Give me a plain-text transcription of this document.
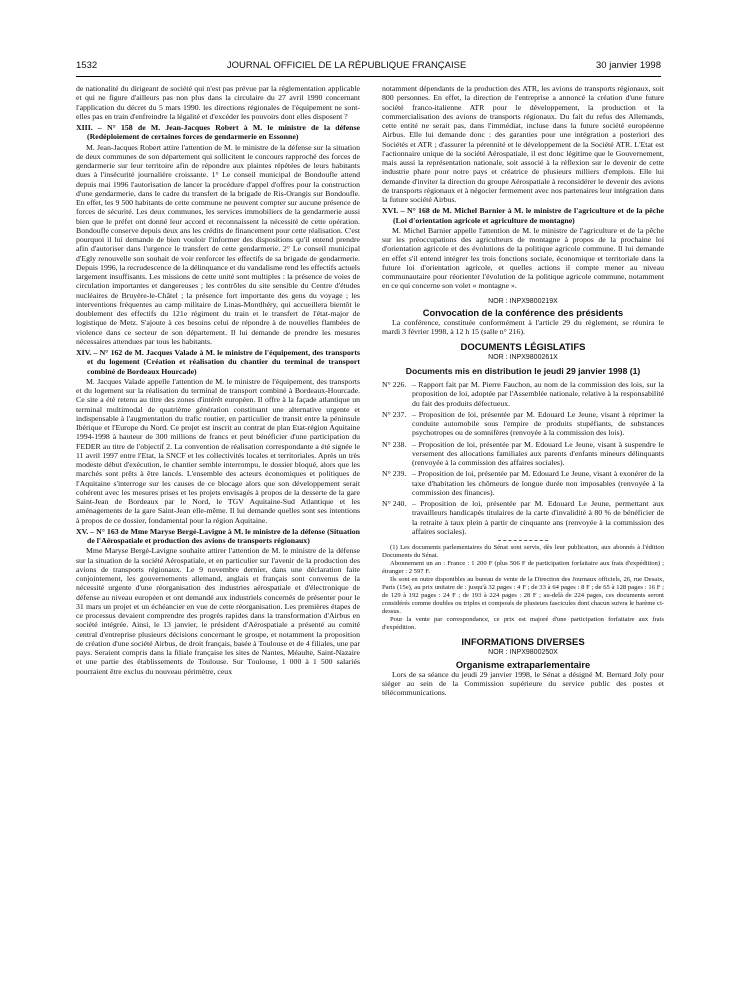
1532	JOURNAL OFFICIEL DE LA RÉPUBLIQUE FRANÇAISE	30 janvier 1998

de nationalité du dirigeant de société qui n'est pas prévue par la réglementation applicable et qui ne figure d'ailleurs pas non plus dans la circulaire du 27 avril 1990 concernant l'application du décret du 5 mars 1990. les directions régionales de l'équipement ne sont-elles pas en train d'enfreindre la légalité et d'excéder les pouvoirs dont elles disposent ?

XIII. – N° 158 de M. Jean-Jacques Robert à M. le ministre de la défense (Redéploiement de certaines forces de gendarmerie en Essonne)

M. Jean-Jacques Robert attire l'attention de M. le ministre de la défense sur la situation de deux communes de son département qui sollicitent le concours rapproché des forces de gendarmerie sur leur territoire afin de répondre aux plaintes répétées de leurs habitants dues à l'insécurité journalière croissante. 1° Le conseil municipal de Bondoufle attend depuis mai 1996 l'autorisation de lancer la procédure d'appel d'offres pour la construction d'une gendarmerie, dans le cadre du transfert de la brigade de Ris-Orangis sur Bondoufle. En effet, les 9 500 habitants de cette commune ne peuvent compter sur aucune présence de forces de sécurité. Les deux communes, les services immobiliers de la gendarmerie aussi bien que le préfet ont donné leur accord et reconnaissent la nécessité de cette opération. Bondoufle conserve depuis deux ans les crédits de financement pour cette réalisation. C'est pourquoi il lui demande de bien vouloir l'informer des dispositions qu'il entend prendre afin d'autoriser dans l'urgence le transfert de cette gendarmerie. 2° Le conseil municipal d'Egly renouvelle son souhait de voir renforcer les effectifs de sa brigade de gendarmerie. Depuis 1996, la recrudescence de la délinquance et du vandalisme rend les effectifs actuels largement insuffisants. Les missions de cette unité sont multiples : la présence de voies de circulation importantes et dangereuses ; les contrôles du site sensible du Centre d'études nucléaires de Bruyère-le-Châtel ; la présence fort importante des gens du voyage ; les interventions fréquentes au camp militaire de Linas-Montlhéry, qui accueillera bientôt le doublement des effectifs du 121e régiment du train et le transfert de l'état-major de logistique de Metz. S'ajoute à ces besoins celui de répondre à de nouvelles flambées de violence dans ce secteur de son département. Il lui demande de prendre les mesures nécessaires attendues par tous les habitants.

XIV. – N° 162 de M. Jacques Valade à M. le ministre de l'équipement, des transports et du logement (Création et réalisation du chantier du terminal de transport combiné de Bordeaux Hourcade)

M. Jacques Valade appelle l'attention de M. le ministre de l'équipement, des transports et du logement sur la réalisation du terminal de transport combiné à Bordeaux-Hourcade. Ce site a été retenu au titre des zones d'intérêt européen. Il offre à la façade atlantique un terminal multimodal de quatrième génération constituant une alternative urgente et indispensable à l'augmentation du trafic routier, en particulier de transit entre la péninsule Ibérique et l'Europe du Nord. Ce projet est inscrit au contrat de plan Etat-région Aquitaine 1994-1998 à hauteur de 300 millions de francs et peut bénéficier d'une participation du FEDER au titre de l'objectif 2. La convention de réalisation correspondante a été signée le 11 avril 1997 entre l'Etat, la SNCF et les collectivités locales et territoriales. Après un très modeste début d'exécution, le chantier semble interrompu, le dossier bloqué, alors que les marchés sont prêts à être lancés. L'ensemble des acteurs économiques et politiques de l'Aquitaine s'interroge sur les causes de ce blocage alors que son développement serait cohérent avec les mesures prises et les projets envisagés à propos de la desserte de la gare Saint-Jean de Bordeaux par le Nord, le TGV Aquitaine-Sud Atlantique et les aménagements de la gare Saint-Jean elle-même. Il lui demande quelles sont ses intentions à propos de ce dossier, fondamental pour la région Aquitaine.

XV. – N° 163 de Mme Maryse Bergé-Lavigne à M. le ministre de la défense (Situation de l'Aérospatiale et production des avions de transports régionaux)

Mme Maryse Bergé-Lavigne souhaite attirer l'attention de M. le ministre de la défense sur la situation de la société Aérospatiale, et en particulier sur l'avenir de la production des avions de transports régionaux. Le 9 novembre dernier, dans une déclaration faite conjointement, les gouvernements allemand, anglais et français sont convenus de la nécessité urgente d'une réorganisation des industries aérospatiale et d'électronique de défense au niveau européen et ont demandé aux industriels concernés de présenter pour le 31 mars un projet et un échéancier en vue de cette réorganisation. Les premières étapes de ce processus devaient comprendre des progrès rapides dans la transformation d'Airbus en société intégrée. Ainsi, le 13 janvier, le président d'Aérospatiale a présenté au comité central d'entreprise plusieurs décisions concernant le groupe, et notamment la proposition de création d'une société Airbus, de droit français, basée à Toulouse et de 4 filiales, une par pays. Seraient compris dans la filiale française les sites de Nantes, Méaulte, Saint-Nazaire et une partie des établissements de Toulouse. Sur Toulouse, 1 000 à 1 500 salariés pourraient être exclus du nouveau périmètre, ceux

notamment dépendants de la production des ATR, les avions de transports régionaux, soit 800 personnes. En effet, la direction de l'entreprise a annoncé la création d'une future société franco-italienne ATR pour le développement, la production et la commercialisation des avions de transports régionaux. Du fait du refus des Allemands, cette entité ne serait pas, dans l'immédiat, incluse dans la future société européenne Airbus. Elle lui demande donc : des garanties pour une intégration a posteriori des Sociétés et ATR ; d'assurer la pérennité et le développement de la Société ATR. L'Etat est l'actionnaire unique de la société Aérospatiale, il est donc légitime que le Gouvernement, mais aussi la représentation nationale, soit associé à la réflexion sur le devenir de cette industrie phare pour notre pays et créatrice de plusieurs milliers d'emplois. Elle lui demande d'inviter la direction du groupe Aérospatiale à reconsidérer le devenir des avions de transports régionaux et à négocier fermement avec nos partenaires leur intégration dans la future société Airbus.

XVI. – N° 168 de M. Michel Barnier à M. le ministre de l'agriculture et de la pêche (Loi d'orientation agricole et agriculture de montagne)

M. Michel Barnier appelle l'attention de M. le ministre de l'agriculture et de la pêche sur les préoccupations des agriculteurs de montagne à propos de la prochaine loi d'orientation agricole et des évolutions de la politique agricole commune. Il lui demande en effet s'il entend intégrer les trois fonctions sociale, économique et territoriale dans la future loi d'orientation agricole, et quelles actions il compte mener au niveau communautaire pour réorienter l'évolution de la politique agricole commune, notamment en ce qui concerne son volet « montagne ».

NOR : INPX9800219X
Convocation de la conférence des présidents

La conférence, constituée conformément à l'article 29 du règlement, se réunira le mardi 3 février 1998, à 12 h 15 (salle n° 216).

DOCUMENTS LÉGISLATIFS
NOR : INPX9800261X
Documents mis en distribution le jeudi 29 janvier 1998 (1)
N° 226. – Rapport fait par M. Pierre Fauchon, au nom de la commission des lois, sur la proposition de loi, adoptée par l'Assemblée nationale, relative à la responsabilité du fait des produits défectueux.
N° 237. – Proposition de loi, présentée par M. Edouard Le Jeune, visant à réprimer la conduite automobile sous l'empire de produits stupéfiants, de substances psychotropes ou de somnifères (renvoyée à la commission des lois).
N° 238. – Proposition de loi, présentée par M. Edouard Le Jeune, visant à suspendre le versement des allocations familiales aux parents d'enfants mineurs délinquants (renvoyée à la commission des affaires sociales).
N° 239. – Proposition de loi, présentée par M. Edouard Le Jeune, visant à exonérer de la taxe d'habitation les chômeurs de longue durée non imposables (renvoyée à la commission des finances).
N° 240. – Proposition de loi, présentée par M. Edouard Le Jeune, permettant aux travailleurs handicapés titulaires de la carte d'invalidité à 80 % de bénéficier de la retraite à taux plein à partir de cinquante ans (renvoyée à la commission des affaires sociales).

(1) Les documents parlementaires du Sénat sont servis, dès leur publication, aux abonnés à l'édition Documents du Sénat.

Abonnement un an : France : 1 200 F (plus 506 F de participation forfaitaire aux frais d'expédition) ; étranger : 2 597 F.

Ils sont en outre disponibles au bureau de vente de la Direction des Journaux officiels, 26, rue Desaix, Paris (15e), au prix unitaire de : jusqu'à 32 pages : 4 F ; de 33 à 64 pages : 8 F ; de 65 à 128 pages : 16 F ; de 129 à 192 pages : 24 F ; de 193 à 224 pages : 28 F ; au-delà de 224 pages, ces documents seront considérés comme doubles ou triples et composés de plusieurs fascicules dont chacun suivra le barème ci-dessus.

Pour la vente par correspondance, ce prix est majoré d'une participation forfaitaire aux frais d'expédition.

INFORMATIONS DIVERSES
NOR : INPX9800250X
Organisme extraparlementaire

Lors de sa séance du jeudi 29 janvier 1998, le Sénat a désigné M. Bernard Joly pour siéger au sein de la Commission supérieure du service public des postes et télécommunications.
